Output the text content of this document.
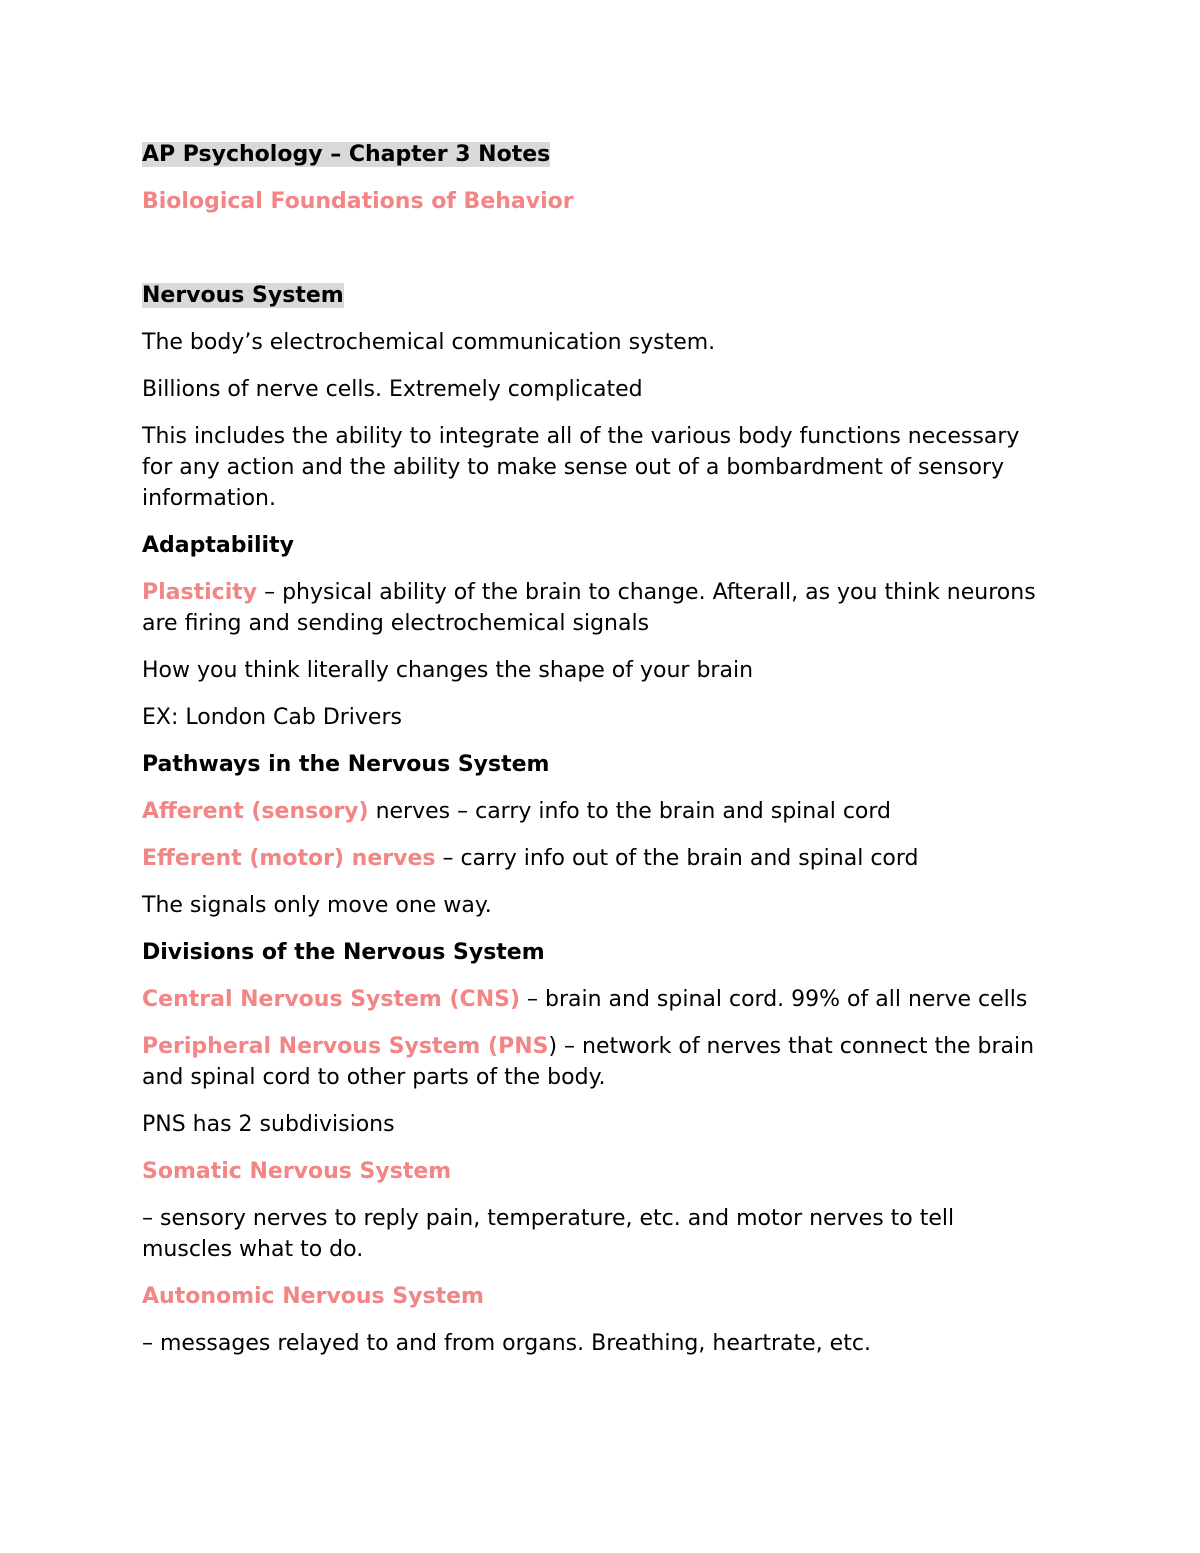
AP Psychology – Chapter 3 Notes

Biological Foundations of Behavior

Nervous System

The body’s electrochemical communication system.

Billions of nerve cells. Extremely complicated

This includes the ability to integrate all of the various body functions necessary for any action and the ability to make sense out of a bombardment of sensory information.

Adaptability

Plasticity – physical ability of the brain to change. Afterall, as you think neurons are firing and sending electrochemical signals

How you think literally changes the shape of your brain

EX: London Cab Drivers

Pathways in the Nervous System

Afferent (sensory) nerves – carry info to the brain and spinal cord

Efferent (motor) nerves – carry info out of the brain and spinal cord

The signals only move one way.

Divisions of the Nervous System

Central Nervous System (CNS) – brain and spinal cord. 99% of all nerve cells

Peripheral Nervous System (PNS) – network of nerves that connect the brain and spinal cord to other parts of the body.

PNS has 2 subdivisions

Somatic Nervous System

– sensory nerves to reply pain, temperature, etc. and motor nerves to tell muscles what to do.

Autonomic Nervous System

– messages relayed to and from organs. Breathing, heartrate, etc.
